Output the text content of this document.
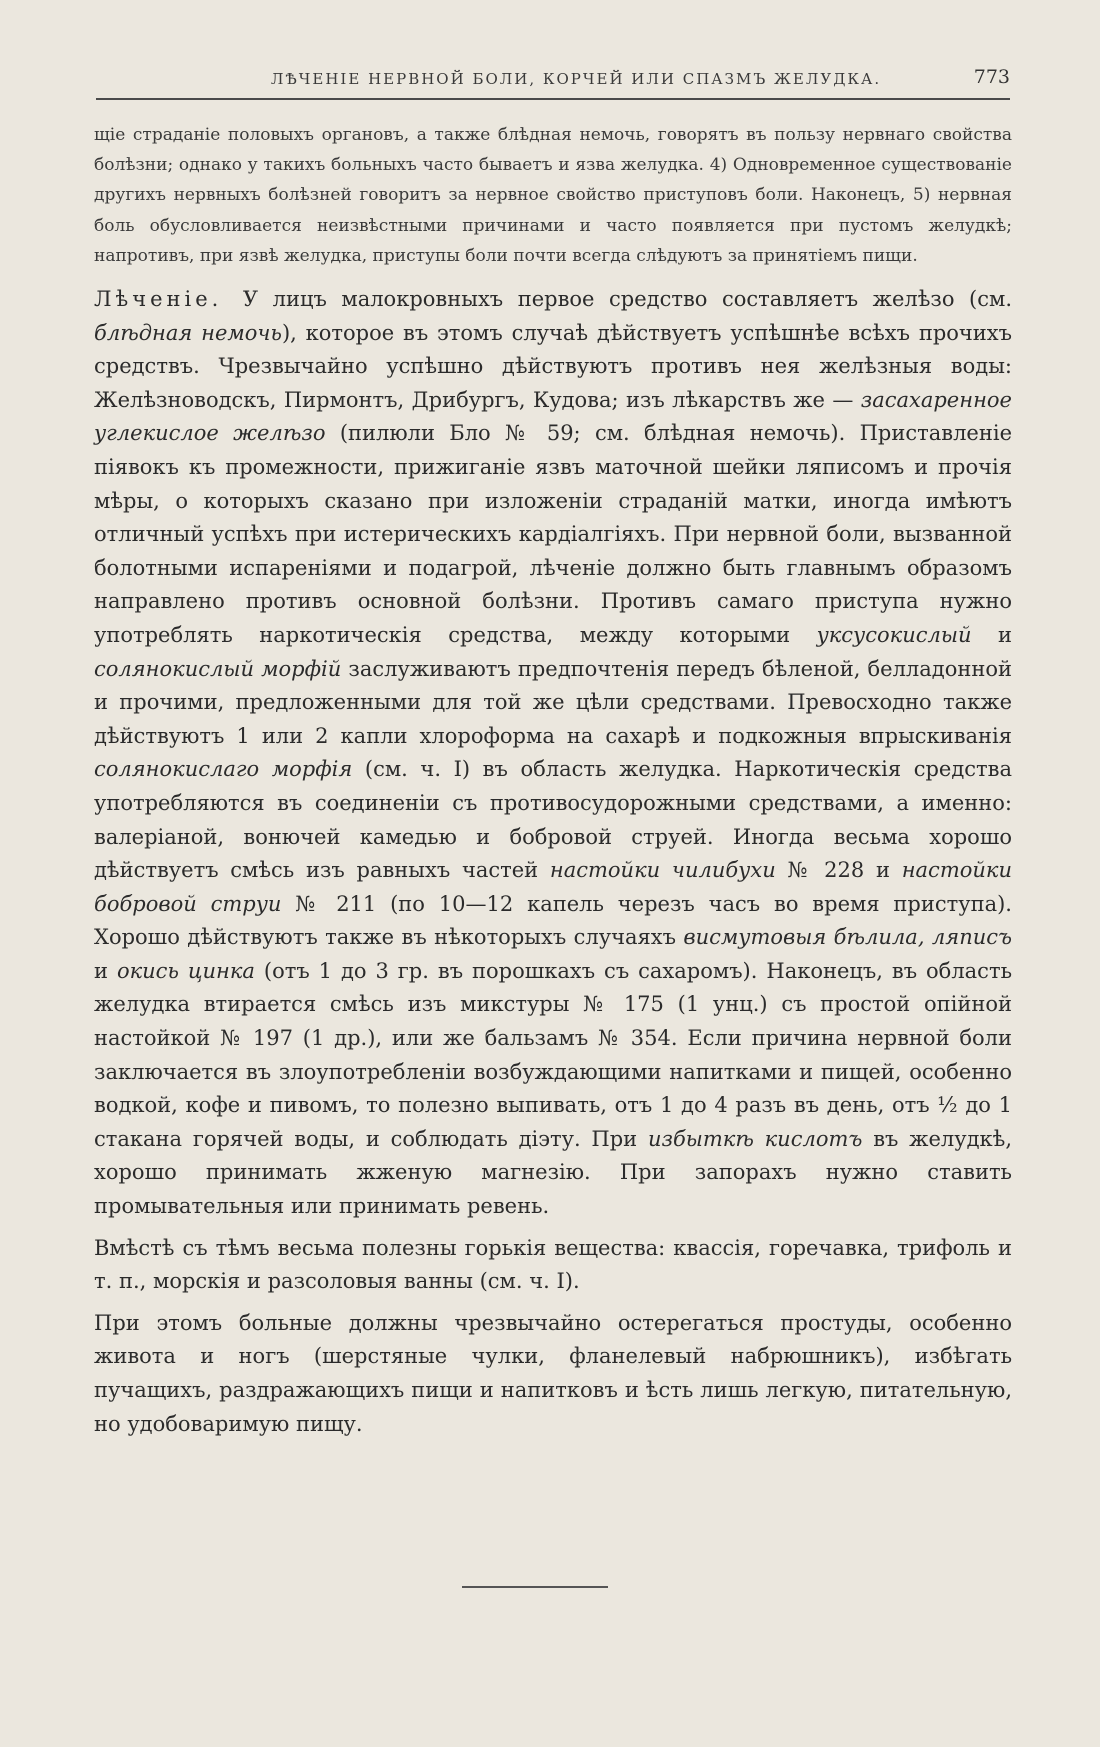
ЛѢЧЕНІЕ НЕРВНОЙ БОЛИ, КОРЧЕЙ ИЛИ СПАЗМЪ ЖЕЛУДКА.	773

щіе страданіе половыхъ органовъ, а также блѣдная немочь, говорятъ въ пользу нервнаго свойства болѣзни; однако у такихъ больныхъ часто бываетъ и язва желудка. 4) Одновременное существованіе другихъ нервныхъ болѣзней говоритъ за нервное свойство приступовъ боли. Наконецъ, 5) нервная боль обусловливается неизвѣстными причинами и часто появляется при пустомъ желудкѣ; напротивъ, при язвѣ желудка, приступы боли почти всегда слѣдуютъ за принятіемъ пищи.

Лѣченіе. У лицъ малокровныхъ первое средство составляетъ желѣзо (см. блѣдная немочь), которое въ этомъ случаѣ дѣйствуетъ успѣшнѣе всѣхъ прочихъ средствъ. Чрезвычайно успѣшно дѣйствуютъ противъ нея желѣзныя воды: Желѣзноводскъ, Пирмонтъ, Дрибургъ, Кудова; изъ лѣкарствъ же — засахаренное углекислое желѣзо (пилюли Бло № 59; см. блѣдная немочь). Приставленіе піявокъ къ промежности, прижиганіе язвъ маточной шейки ляписомъ и прочія мѣры, о которыхъ сказано при изложеніи страданій матки, иногда имѣютъ отличный успѣхъ при истерическихъ кардіалгіяхъ. При нервной боли, вызванной болотными испареніями и подагрой, лѣченіе должно быть главнымъ образомъ направлено противъ основной болѣзни. Противъ самаго приступа нужно употреблять наркотическія средства, между которыми уксусокислый и солянокислый морфій заслуживаютъ предпочтенія передъ бѣленой, белладонной и прочими, предложенными для той же цѣли средствами. Превосходно также дѣйствуютъ 1 или 2 капли хлороформа на сахарѣ и подкожныя впрыскиванія солянокислаго морфія (см. ч. I) въ область желудка. Наркотическія средства употребляются въ соединеніи съ противосудорожными средствами, а именно: валеріаной, вонючей камедью и бобровой струей. Иногда весьма хорошо дѣйствуетъ смѣсь изъ равныхъ частей настойки чилибухи № 228 и настойки бобровой струи № 211 (по 10—12 капель черезъ часъ во время приступа). Хорошо дѣйствуютъ также въ нѣкоторыхъ случаяхъ висмутовыя бѣлила, ляписъ и окись цинка (отъ 1 до 3 гр. въ порошкахъ съ сахаромъ). Наконецъ, въ область желудка втирается смѣсь изъ микстуры № 175 (1 унц.) съ простой опійной настойкой № 197 (1 др.), или же бальзамъ № 354. Если причина нервной боли заключается въ злоупотребленіи возбуждающими напитками и пищей, особенно водкой, кофе и пивомъ, то полезно выпивать, отъ 1 до 4 разъ въ день, отъ ½ до 1 стакана горячей воды, и соблюдать діэту. При избыткѣ кислотъ въ желудкѣ, хорошо принимать жженую магнезію. При запорахъ нужно ставить промывательныя или принимать ревень.

Вмѣстѣ съ тѣмъ весьма полезны горькія вещества: квассія, горечавка, трифоль и т. п., морскія и разсоловыя ванны (см. ч. I).

При этомъ больные должны чрезвычайно остерегаться простуды, особенно живота и ногъ (шерстяные чулки, фланелевый набрюшникъ), избѣгать пучащихъ, раздражающихъ пищи и напитковъ и ѣсть лишь легкую, питательную, но удобоваримую пищу.
